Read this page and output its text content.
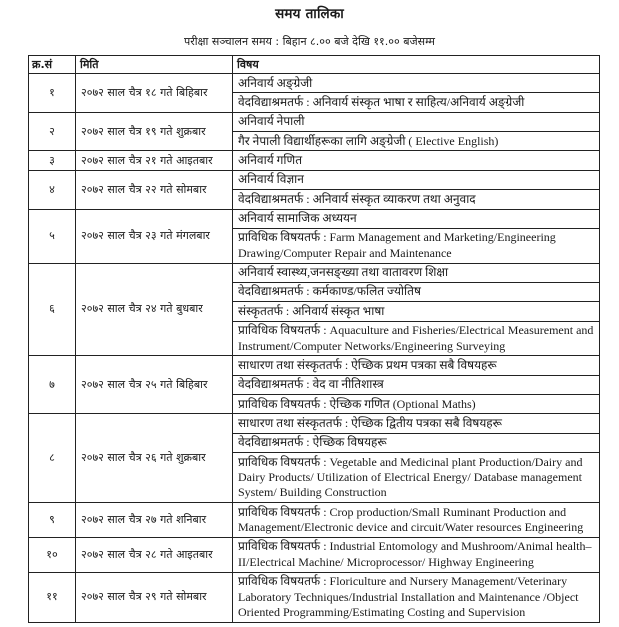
समय तालिका
परीक्षा सञ्चालन समय : बिहान ८.०० बजे देखि ११.०० बजेसम्म
क्र.सं	मिति	विषय
१	२०७२ साल चैत्र १८ गते बिहिबार	अनिवार्य अङ्ग्रेजी
		वेदविद्याश्रमतर्फ : अनिवार्य संस्कृत भाषा र साहित्य/अनिवार्य अङ्ग्रेजी
२	२०७२ साल चैत्र १९ गते शुक्रबार	अनिवार्य नेपाली
		गैर नेपाली विद्यार्थीहरूका लागि अङ्ग्रेजी ( Elective English)
३	२०७२ साल चैत्र २१ गते आइतबार	अनिवार्य गणित
४	२०७२ साल चैत्र २२ गते सोमबार	अनिवार्य विज्ञान
		वेदविद्याश्रमतर्फ : अनिवार्य संस्कृत व्याकरण तथा अनुवाद
५	२०७२ साल चैत्र २३ गते मंगलबार	अनिवार्य सामाजिक अध्ययन
		प्राविधिक विषयतर्फ : Farm Management and Marketing/Engineering Drawing/Computer Repair and Maintenance
६	२०७२ साल चैत्र २४ गते बुधबार	अनिवार्य स्वास्थ्य,जनसङ्ख्या तथा वातावरण शिक्षा
		वेदविद्याश्रमतर्फ : कर्मकाण्ड/फलित ज्योतिष
		संस्कृततर्फ : अनिवार्य संस्कृत भाषा
		प्राविधिक विषयतर्फ : Aquaculture and Fisheries/Electrical Measurement and Instrument/Computer Networks/Engineering Surveying
७	२०७२ साल चैत्र २५ गते बिहिबार	साधारण तथा संस्कृततर्फ : ऐच्छिक प्रथम पत्रका सबै विषयहरू
		वेदविद्याश्रमतर्फ : वेद वा नीतिशास्त्र
		प्राविधिक विषयतर्फ : ऐच्छिक गणित (Optional Maths)
८	२०७२ साल चैत्र २६ गते शुक्रबार	साधारण तथा संस्कृततर्फ : ऐच्छिक द्वितीय पत्रका सबै विषयहरू
		वेदविद्याश्रमतर्फ : ऐच्छिक विषयहरू
		प्राविधिक विषयतर्फ : Vegetable and Medicinal plant Production/Dairy and Dairy Products/ Utilization of Electrical Energy/ Database management System/ Building Construction
९	२०७२ साल चैत्र २७ गते शनिबार	प्राविधिक विषयतर्फ : Crop production/Small Ruminant Production and Management/Electronic device and circuit/Water resources Engineering
१०	२०७२ साल चैत्र २८ गते आइतबार	प्राविधिक विषयतर्फ : Industrial Entomology and Mushroom/Animal health–II/Electrical Machine/ Microprocessor/ Highway Engineering
११	२०७२ साल चैत्र २९ गते सोमबार	प्राविधिक विषयतर्फ : Floriculture and Nursery Management/Veterinary Laboratory Techniques/Industrial Installation and Maintenance /Object Oriented Programming/Estimating Costing and Supervision
